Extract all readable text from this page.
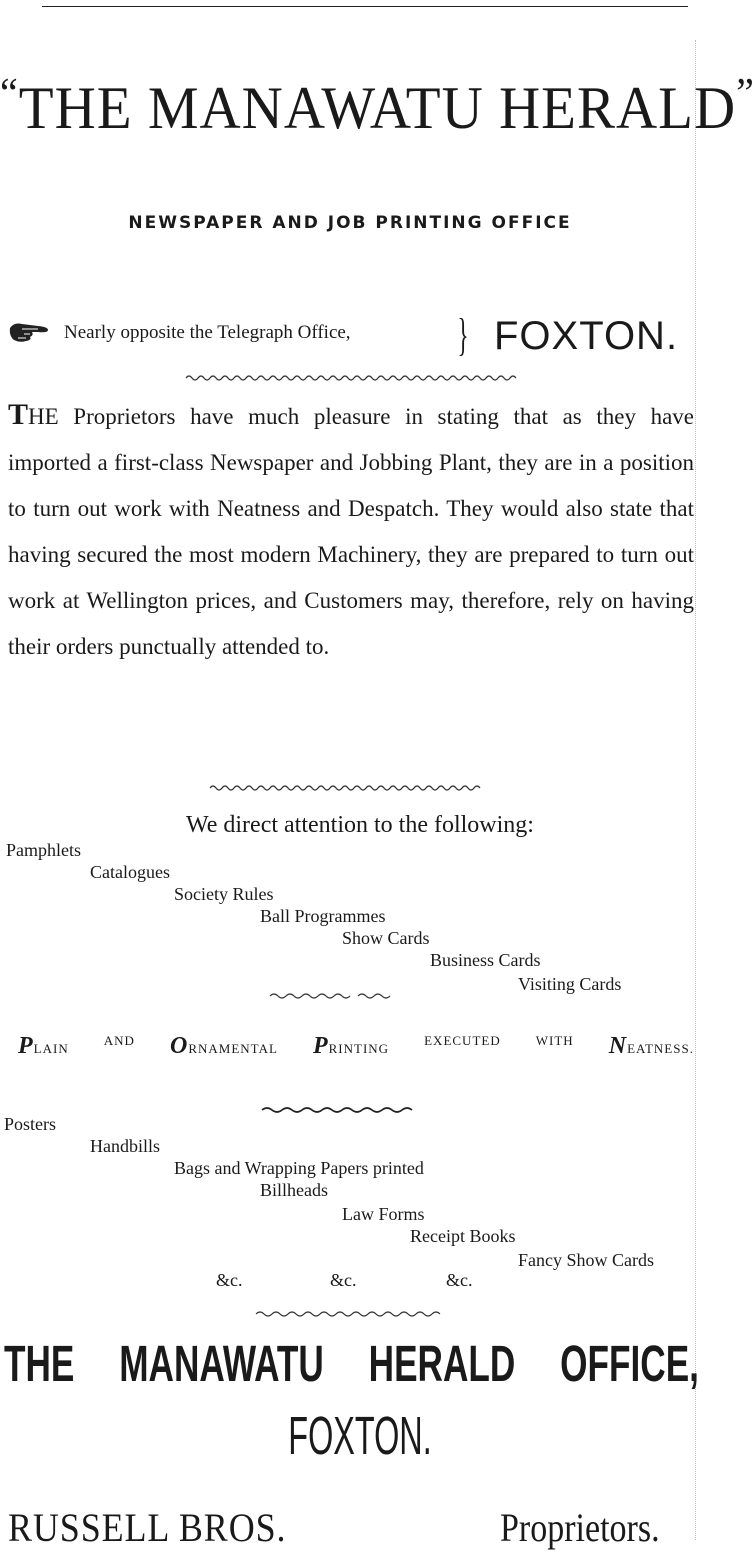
“THE MANAWATU HERALD”
NEWSPAPER AND JOB PRINTING OFFICE
Nearly opposite the Telegraph Office, } FOXTON.
THE Proprietors have much pleasure in stating that as they have imported a first-class Newspaper and Jobbing Plant, they are in a position to turn out work with Neatness and Despatch. They would also state that having secured the most modern Machinery, they are prepared to turn out work at Wellington prices, and Customers may, therefore, rely on having their orders punctually attended to.
We direct attention to the following:
Pamphlets
Catalogues
Society Rules
Ball Programmes
Show Cards
Business Cards
Visiting Cards
PLAIN
AND ORNAMENTAL PRINTING
EXECUTED	WITH NEATNESS.
Posters
Handbills
Bags and Wrapping Papers printed
Billheads
Law Forms
Receipt Books
Fancy Show Cards
&c.	&c.	&c.
THE MANAWATU HERALD OFFICE,
FOXTON.
RUSSELL BROS.	Proprietors.
